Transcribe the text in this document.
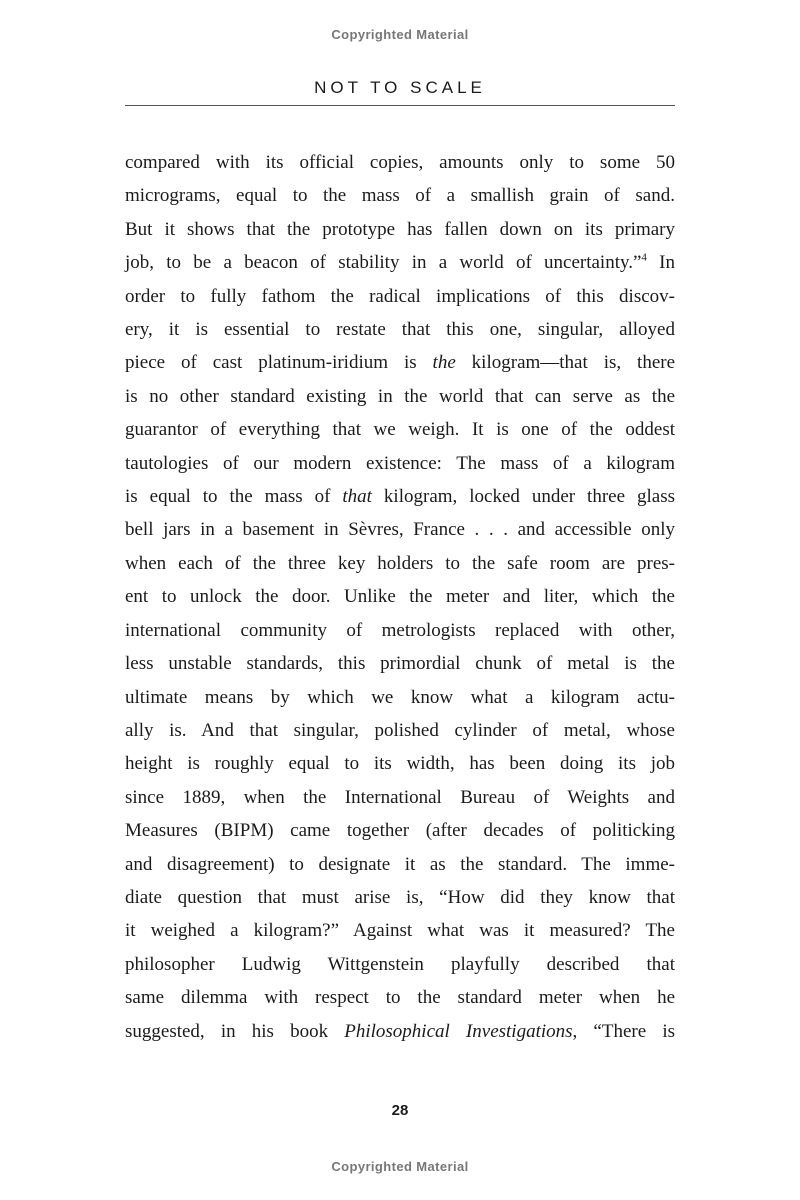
Copyrighted Material
NOT TO SCALE
compared with its official copies, amounts only to some 50
micrograms, equal to the mass of a smallish grain of sand.
But it shows that the prototype has fallen down on its primary
job, to be a beacon of stability in a world of uncertainty.”$^4$ In
order to fully fathom the radical implications of this discov-
ery, it is essential to restate that this one, singular, alloyed
piece of cast platinum-iridium is the kilogram—that is, there
is no other standard existing in the world that can serve as the
guarantor of everything that we weigh. It is one of the oddest
tautologies of our modern existence: The mass of a kilogram
is equal to the mass of that kilogram, locked under three glass
bell jars in a basement in Sèvres, France . . . and accessible only
when each of the three key holders to the safe room are pres-
ent to unlock the door. Unlike the meter and liter, which the
international community of metrologists replaced with other,
less unstable standards, this primordial chunk of metal is the
ultimate means by which we know what a kilogram actu-
ally is. And that singular, polished cylinder of metal, whose
height is roughly equal to its width, has been doing its job
since 1889, when the International Bureau of Weights and
Measures (BIPM) came together (after decades of politicking
and disagreement) to designate it as the standard. The imme-
diate question that must arise is, “How did they know that
it weighed a kilogram?” Against what was it measured? The
philosopher Ludwig Wittgenstein playfully described that
same dilemma with respect to the standard meter when he
suggested, in his book Philosophical Investigations, “There is
28
Copyrighted Material
